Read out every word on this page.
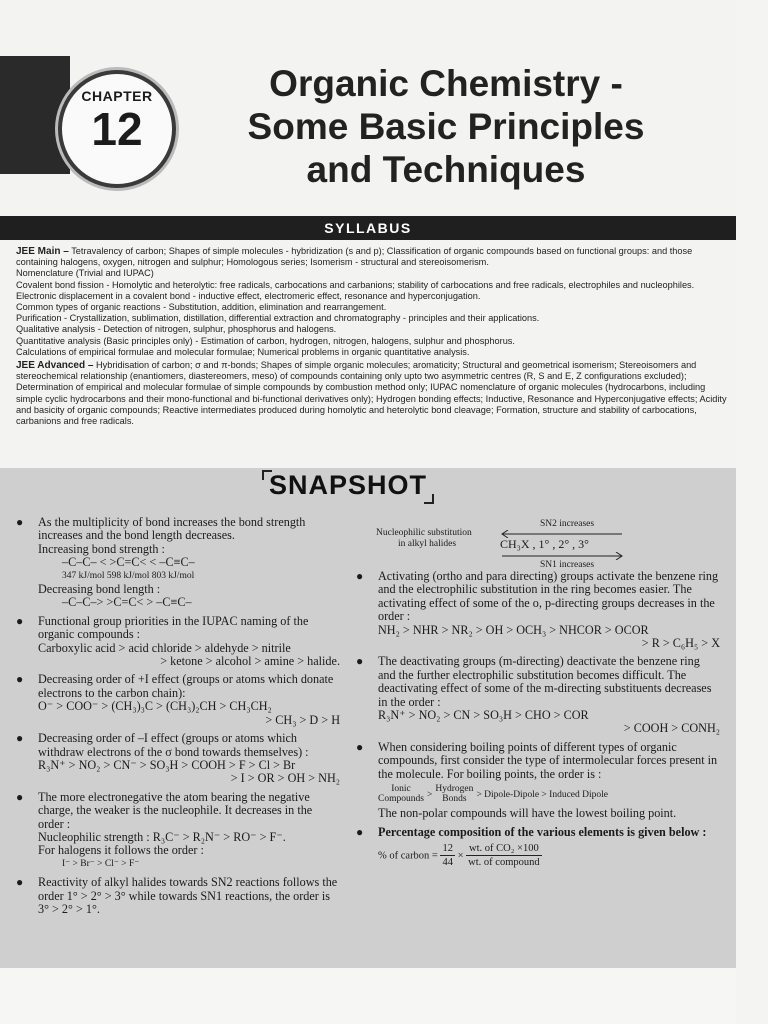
CHAPTER
12
Organic Chemistry -
Some Basic Principles
and Techniques
SYLLABUS

JEE Main – Tetravalency of carbon; Shapes of simple molecules - hybridization (s and p); Classification of organic compounds based on functional groups: and those containing halogens, oxygen, nitrogen and sulphur; Homologous series; Isomerism - structural and stereoisomerism.

Nomenclature (Trivial and IUPAC)

Covalent bond fission - Homolytic and heterolytic: free radicals, carbocations and carbanions; stability of carbocations and free radicals, electrophiles and nucleophiles.

Electronic displacement in a covalent bond - inductive effect, electromeric effect, resonance and hyperconjugation.

Common types of organic reactions - Substitution, addition, elimination and rearrangement.

Purification - Crystallization, sublimation, distillation, differential extraction and chromatography - principles and their applications.

Qualitative analysis - Detection of nitrogen, sulphur, phosphorus and halogens.

Quantitative analysis (Basic principles only) - Estimation of carbon, hydrogen, nitrogen, halogens, sulphur and phosphorus.

Calculations of empirical formulae and molecular formulae; Numerical problems in organic quantitative analysis.

JEE Advanced – Hybridisation of carbon; σ and π-bonds; Shapes of simple organic molecules; aromaticity; Structural and geometrical isomerism; Stereoisomers and stereochemical relationship (enantiomers, diastereomers, meso) of compounds containing only upto two asymmetric centres (R, S and E, Z configurations excluded); Determination of empirical and molecular formulae of simple compounds by combustion method only; IUPAC nomenclature of organic molecules (hydrocarbons, including simple cyclic hydrocarbons and their mono-functional and bi-functional derivatives only); Hydrogen bonding effects; Inductive, Resonance and Hyperconjugative effects; Acidity and basicity of organic compounds; Reactive intermediates produced during homolytic and heterolytic bond cleavage; Formation, structure and stability of carbocations, carbanions and free radicals.

SNAPSHOT
● As the multiplicity of bond increases the bond strength increases and the bond length decreases.
Increasing bond strength :
–C–C– < >C=C< < –C≡C–
347 kJ/mol 598 kJ/mol 803 kJ/mol
Decreasing bond length :
–C–C–> >C=C< > –C≡C–
● Functional group priorities in the IUPAC naming of the organic compounds :
Carboxylic acid > acid chloride > aldehyde > nitrile
> ketone > alcohol > amine > halide.
● Decreasing order of +I effect (groups or atoms which donate electrons to the carbon chain):
O⁻ > COO⁻ > (CH₃)₃C > (CH₃)₂CH > CH₃CH₂
> CH₃ > D > H
● Decreasing order of –I effect (groups or atoms which withdraw electrons of the σ bond towards themselves) :
R₃N⁺ > NO₂ > CN⁻ > SO₃H > COOH > F > Cl > Br
> I > OR > OH > NH₂
● The more electronegative the atom bearing the negative charge, the weaker is the nucleophile. It decreases in the order :
Nucleophilic strength : R₃C⁻ > R₂N⁻ > RO⁻ > F⁻.
For halogens it follows the order :
I⁻ > Br⁻ > Cl⁻ > F⁻
● Reactivity of alkyl halides towards SN2 reactions follows the order 1° > 2° > 3° while towards SN1 reactions, the order is 3° > 2° > 1°.
Nucleophilic substitution
in alkyl halides
SN2 increases
CH₃X , 1° , 2° , 3°
SN1 increases
● Activating (ortho and para directing) groups activate the benzene ring and the electrophilic substitution in the ring becomes easier. The activating effect of some of the o, p-directing groups decreases in the order :
NH₂ > NHR > NR₂ > OH > OCH₃ > NHCOR > OCOR
> R > C₆H₅ > X
● The deactivating groups (m-directing) deactivate the benzene ring and the further electrophilic substitution becomes difficult. The deactivating effect of some of the m-directing substituents decreases in the order :
R₃N⁺ > NO₂ > CN > SO₃H > CHO > COR
> COOH > CONH₂
● When considering boiling points of different types of organic compounds, first consider the type of intermolecular forces present in the molecule. For boiling points, the order is :
Ionic
Compounds >
Hydrogen
Bonds	> Dipole-Dipole > Induced Dipole
The non-polar compounds will have the lowest boiling point.
● Percentage composition of the various elements is given below :
% of carbon = $\frac{12}{44} \times \frac{\text{wt. of CO₂ ×100}}{\text{wt. of compound}}$
